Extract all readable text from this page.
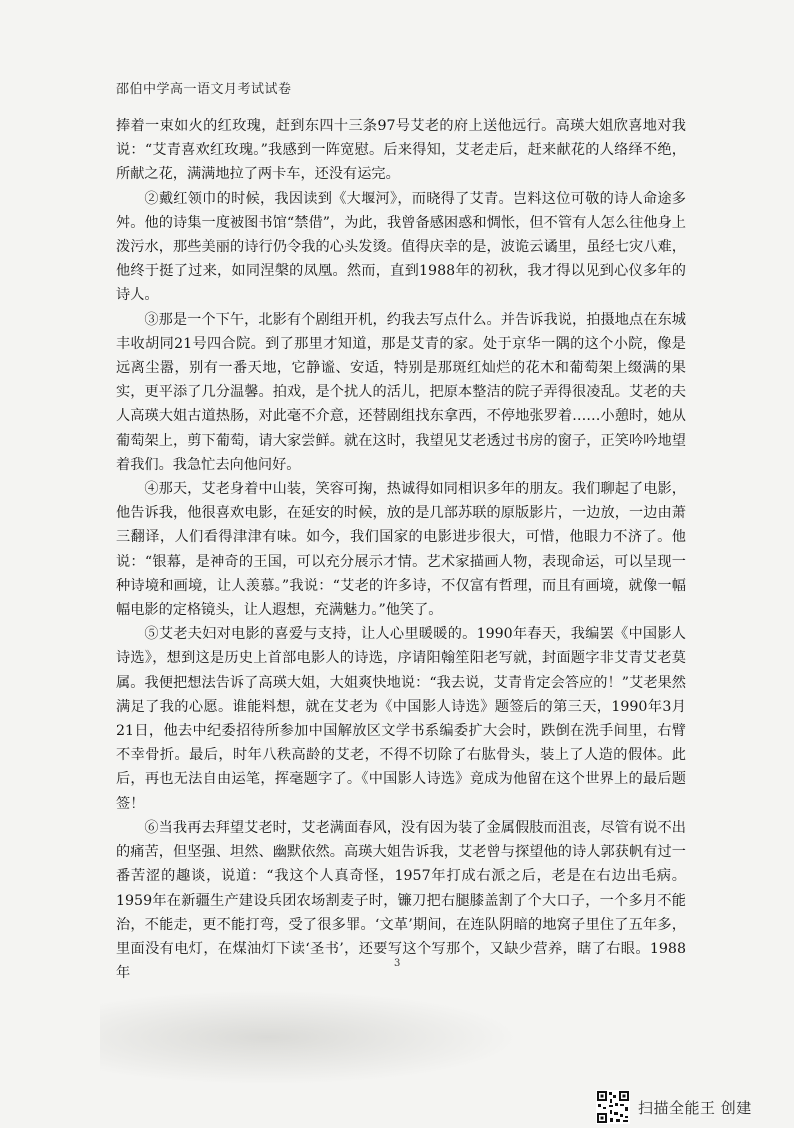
邵伯中学高一语文月考试试卷

捧着一束如火的红玫瑰，赶到东四十三条97号艾老的府上送他远行。高瑛大姐欣喜地对我说：“艾青喜欢红玫瑰。”我感到一阵宽慰。后来得知，艾老走后，赶来献花的人络绎不绝，所献之花，满满地拉了两卡车，还没有运完。

②戴红领巾的时候，我因读到《大堰河》，而晓得了艾青。岂料这位可敬的诗人命途多舛。他的诗集一度被图书馆“禁借”，为此，我曾备感困惑和惆怅，但不管有人怎么往他身上泼污水，那些美丽的诗行仍令我的心头发烫。值得庆幸的是，波诡云谲里，虽经七灾八难，他终于挺了过来，如同涅槃的凤凰。然而，直到1988年的初秋，我才得以见到心仪多年的诗人。

③那是一个下午，北影有个剧组开机，约我去写点什么。并告诉我说，拍摄地点在东城丰收胡同21号四合院。到了那里才知道，那是艾青的家。处于京华一隅的这个小院，像是远离尘嚣，别有一番天地，它静谧、安适，特别是那斑红灿烂的花木和葡萄架上缀满的果实，更平添了几分温馨。拍戏，是个扰人的活儿，把原本整洁的院子弄得很凌乱。艾老的夫人高瑛大姐古道热肠，对此毫不介意，还替剧组找东拿西，不停地张罗着……小憩时，她从葡萄架上，剪下葡萄，请大家尝鲜。就在这时，我望见艾老透过书房的窗子，正笑吟吟地望着我们。我急忙去向他问好。

④那天，艾老身着中山装，笑容可掬，热诚得如同相识多年的朋友。我们聊起了电影，他告诉我，他很喜欢电影，在延安的时候，放的是几部苏联的原版影片，一边放，一边由萧三翻译，人们看得津津有味。如今，我们国家的电影进步很大，可惜，他眼力不济了。他说：“银幕，是神奇的王国，可以充分展示才情。艺术家描画人物，表现命运，可以呈现一种诗境和画境，让人羡慕。”我说：“艾老的许多诗，不仅富有哲理，而且有画境，就像一幅幅电影的定格镜头，让人遐想，充满魅力。”他笑了。

⑤艾老夫妇对电影的喜爱与支持，让人心里暖暖的。1990年春天，我编罢《中国影人诗选》，想到这是历史上首部电影人的诗选，序请阳翰笙阳老写就，封面题字非艾青艾老莫属。我便把想法告诉了高瑛大姐，大姐爽快地说：“我去说，艾青肯定会答应的！”艾老果然满足了我的心愿。谁能料想，就在艾老为《中国影人诗选》题签后的第三天，1990年3月21日，他去中纪委招待所参加中国解放区文学书系编委扩大会时，跌倒在洗手间里，右臂不幸骨折。最后，时年八秩高龄的艾老，不得不切除了右肱骨头，装上了人造的假体。此后，再也无法自由运笔，挥毫题字了。《中国影人诗选》竟成为他留在这个世界上的最后题签！

⑥当我再去拜望艾老时，艾老满面春风，没有因为装了金属假肢而沮丧，尽管有说不出的痛苦，但坚强、坦然、幽默依然。高瑛大姐告诉我，艾老曾与探望他的诗人郭获帆有过一番苦涩的趣谈，说道：“我这个人真奇怪，1957年打成右派之后，老是在右边出毛病。1959年在新疆生产建设兵团农场割麦子时，镰刀把右腿膝盖割了个大口子，一个多月不能治，不能走，更不能打弯，受了很多罪。‘文革’期间，在连队阴暗的地窝子里住了五年多，里面没有电灯，在煤油灯下读‘圣书’，还要写这个写那个，又缺少营养，瞎了右眼。1988年

3
扫描全能王 创建
